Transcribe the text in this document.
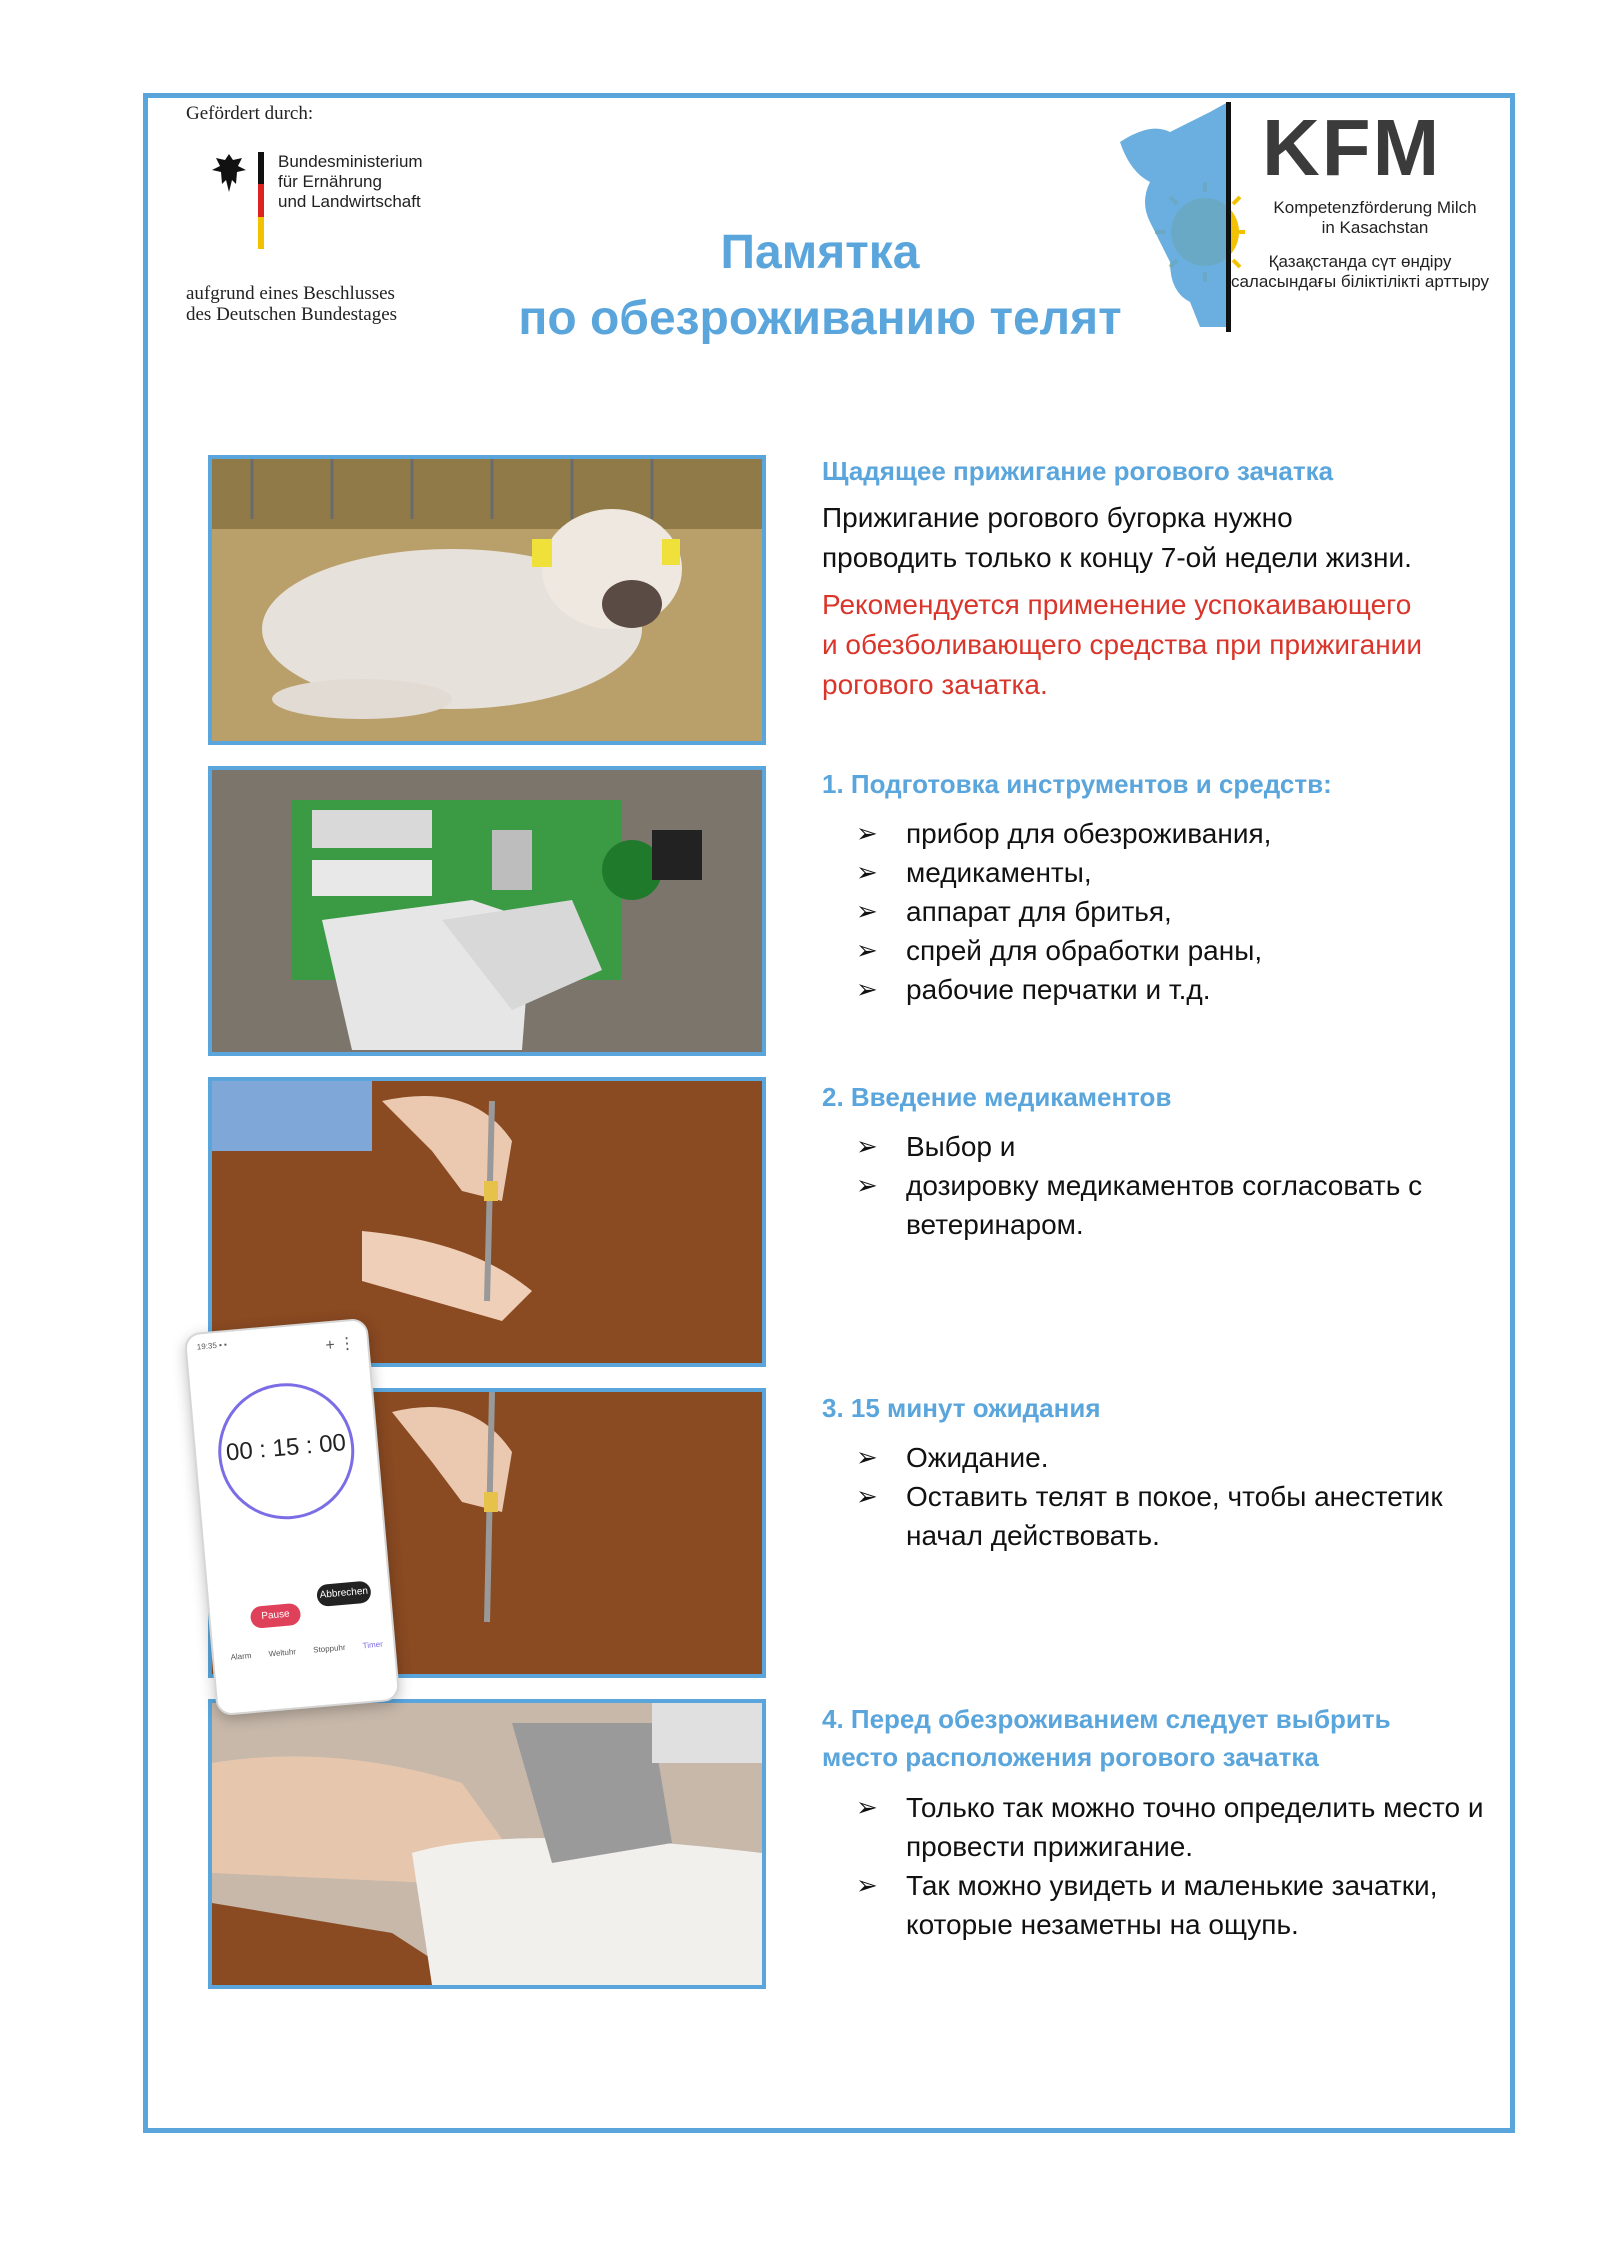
Gefördert durch:
Bundesministerium
für Ernährung
und Landwirtschaft
aufgrund eines Beschlusses
des Deutschen Bundestages
Памятка
по обезроживанию телят
KFM
Kompetenzförderung Milch
in Kasachstan
Қазақстанда сүт өндіру
саласындағы біліктілікті арттыру
19:35 ▪ ▪	+ ⋮
00 : 15 : 00
Pause
Abbrechen
Alarm Weltuhr Stoppuhr Timer
Щадящее прижигание рогового зачатка
Прижигание рогового бугорка нужно
проводить только к концу 7-ой недели жизни.
Рекомендуется применение успокаивающего
и обезболивающего средства при прижигании
рогового зачатка.
1. Подготовка инструментов и средств:
➢ прибор для обезроживания,
➢ медикаменты,
➢ аппарат для бритья,
➢ спрей для обработки раны,
➢ рабочие перчатки и т.д.
2. Введение медикаментов
➢ Выбор и
➢ дозировку медикаментов согласовать с ветеринаром.
3. 15 минут ожидания
➢ Ожидание.
➢ Оставить телят в покое, чтобы анестетик начал действовать.
4. Перед обезроживанием следует выбрить
место расположения рогового зачатка
➢ Только так можно точно определить место и провести прижигание.
➢ Так можно увидеть и маленькие зачатки, которые незаметны на ощупь.
